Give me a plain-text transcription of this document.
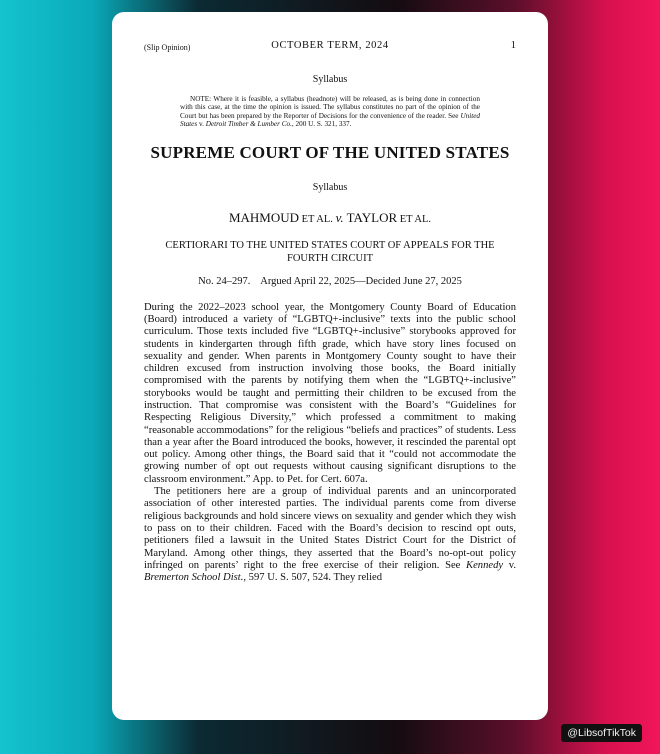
(Slip Opinion)	OCTOBER TERM, 2024	1
Syllabus
NOTE: Where it is feasible, a syllabus (headnote) will be released, as is being done in connection with this case, at the time the opinion is issued. The syllabus constitutes no part of the opinion of the Court but has been prepared by the Reporter of Decisions for the convenience of the reader. See United States v. Detroit Timber & Lumber Co., 200 U. S. 321, 337.
SUPREME COURT OF THE UNITED STATES
Syllabus
MAHMOUD ET AL. v. TAYLOR ET AL.
CERTIORARI TO THE UNITED STATES COURT OF APPEALS FOR THE FOURTH CIRCUIT
No. 24–297.    Argued April 22, 2025—Decided June 27, 2025

During the 2022–2023 school year, the Montgomery County Board of Education (Board) introduced a variety of “LGBTQ+-inclusive” texts into the public school curriculum. Those texts included five “LGBTQ+-inclusive” storybooks approved for students in kindergarten through fifth grade, which have story lines focused on sexuality and gender. When parents in Montgomery County sought to have their children excused from instruction involving those books, the Board initially compromised with the parents by notifying them when the “LGBTQ+-inclusive” storybooks would be taught and permitting their children to be excused from the instruction. That compromise was consistent with the Board’s “Guidelines for Respecting Religious Diversity,” which professed a commitment to making “reasonable accommodations” for the religious “beliefs and practices” of students. Less than a year after the Board introduced the books, however, it rescinded the parental opt out policy. Among other things, the Board said that it “could not accommodate the growing number of opt out requests without causing significant disruptions to the classroom environment.” App. to Pet. for Cert. 607a.

The petitioners here are a group of individual parents and an unincorporated association of other interested parties. The individual parents come from diverse religious backgrounds and hold sincere views on sexuality and gender which they wish to pass on to their children. Faced with the Board’s decision to rescind opt outs, petitioners filed a lawsuit in the United States District Court for the District of Maryland. Among other things, they asserted that the Board’s no-opt-out policy infringed on parents’ right to the free exercise of their religion. See Kennedy v. Bremerton School Dist., 597 U. S. 507, 524. They relied

@LibsofTikTok
